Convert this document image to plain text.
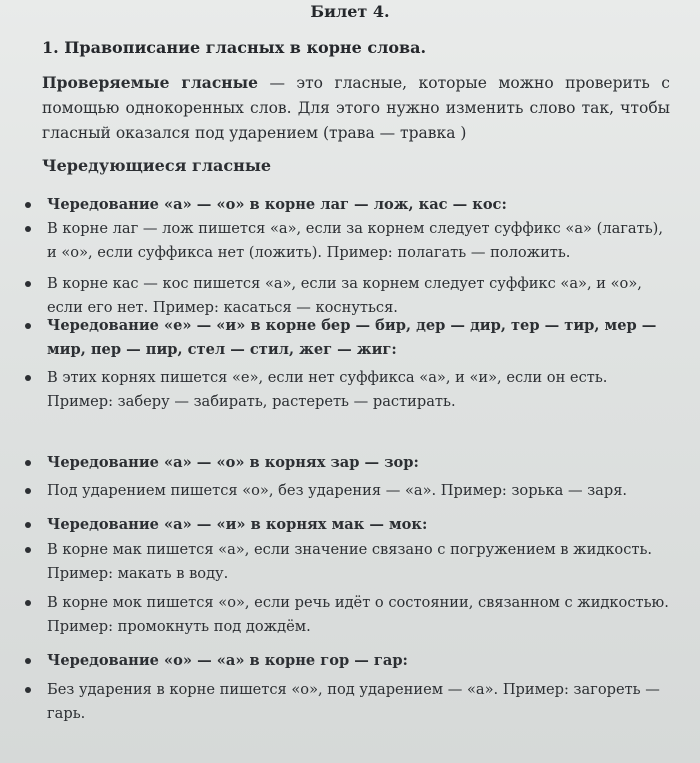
Билет 4.
1. Правописание гласных в корне слова.
Проверяемые гласные — это гласные, которые можно проверить с помощью однокоренных слов. Для этого нужно изменить слово так, чтобы гласный оказался под ударением (трава — травка )
Чередующиеся гласные
Чередование «а» — «о» в корне лаг — лож, кас — кос:
В корне лаг — лож пишется «а», если за корнем следует суффикс «а» (лагать), и «о», если суффикса нет (ложить). Пример: полагать — положить.
В корне кас — кос пишется «а», если за корнем следует суффикс «а», и «о», если его нет. Пример: касаться — коснуться.
Чередование «е» — «и» в корне бер — бир, дер — дир, тер — тир, мер — мир, пер — пир, стел — стил, жег — жиг:
В этих корнях пишется «е», если нет суффикса «а», и «и», если он есть. Пример: заберу — забирать, растереть — растирать.
Чередование «а» — «о» в корнях зар — зор:
Под ударением пишется «о», без ударения — «а». Пример: зорька — заря.
Чередование «а» — «и» в корнях мак — мок:
В корне мак пишется «а», если значение связано с погружением в жидкость. Пример: макать в воду.
В корне мок пишется «о», если речь идёт о состоянии, связанном с жидкостью. Пример: промокнуть под дождём.
Чередование «о» — «а» в корне гор — гар:
Без ударения в корне пишется «о», под ударением — «а». Пример: загореть — гарь.
